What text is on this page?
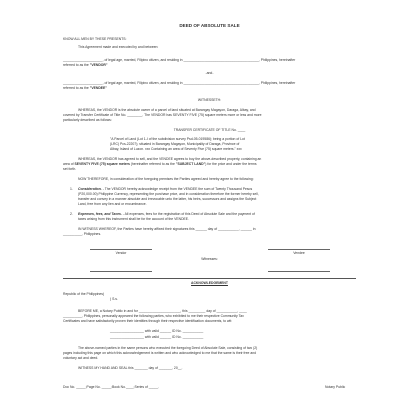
DEED OF ABSOLUTE SALE
KNOW ALL MEN BY THESE PRESENTS:
This Agreement made and executed by and between:
_____________________, of legal age, married, Filipino citizen, and residing in ________________________________________, Philippines, hereinafter
referred to as the "VENDOR"
-and-
_____________________, of legal age, married, Filipino citizen, and residing in ________________________________________, Philippines, hereinafter
referred to as the "VENDEE"
WITNESSETH:
WHEREAS, the VENDOR is the absolute owner of a parcel of land situated at Barangay Magayon, Daraga, Albay, and
covered by Transfer Certificate of Title No. ________. The VENDOR has SEVENTY FIVE (75) square meters more or less and more
particularly described as follows:
TRANSFER CERTIFICATE OF TITLE No. ____
"A Parcel of Land (Lot 1-I of the subdivision survey Psd-05-019586); being a portion of Lot
(LRC) Pcs-22207); situated in Barangay Magayon, Municipality of Daraga, Province of
Albay, Island of Luzon. xxx Containing an area of Seventy Five (75) square meters." xxx
WHEREAS, the VENDOR has agreed to sell, and the VENDEE agrees to buy the above-described property, containing an
area of SEVENTY FIVE (75) square meters (hereinafter referred to as the "SUBJECT LAND") for the price and under the terms
set forth.
NOW THEREFORE, in consideration of the foregoing premises the Parties agreed and hereby agree to the following:
1. Consideration. - The VENDOR hereby acknowledge receipt from the VENDEE the sum of Twenty Thousand Pesos
(P20,000.00) Philippine Currency, representing the purchase price, and in consideration therefore the former hereby sell,
transfer and convey in a manner absolute and irrevocable unto the latter, his heirs, successors and assigns the Subject
Land, free from any lien and or encumbrance.
2. Expenses, fees, and Taxes. - All expenses, fees for the registration of this Deed of Absolute Sale and the payment of
taxes arising from this instrument shall be for the account of the VENDEE.
IN WITNESS WHEREOF, the Parties have hereby affixed their signatures this ______ day of ___________, ______ in
__________, Philippines.
Vendor	Vendee
Witnesses:
ACKNOWLEDGEMENT
Republic of the Philippines)
) S.s.
BEFORE ME, a Notary Public in and for ______________________, this _________ day of ___________, ____
__________, Philippines, personally appeared the following parties, who exhibited to me their respective Community Tax
Certificates and have satisfactorily proven their identities through their respective identification documents, to wit:
__________________ with valid ______ ID No. ___________
__________________ with valid ______ ID No. ___________
The above-named parties in the same persons who executed the foregoing Deed of Absolute Sale, consisting of two (2)
pages including this page on which this acknowledgement is written and who acknowledged to me that the same is their free and
voluntary act and deed.
WITNESS MY HAND AND SEAL this _______ day of _______, 20__.
Doc No. _____;Page No. _____;Book No.____;Series of _____.	Notary Public
